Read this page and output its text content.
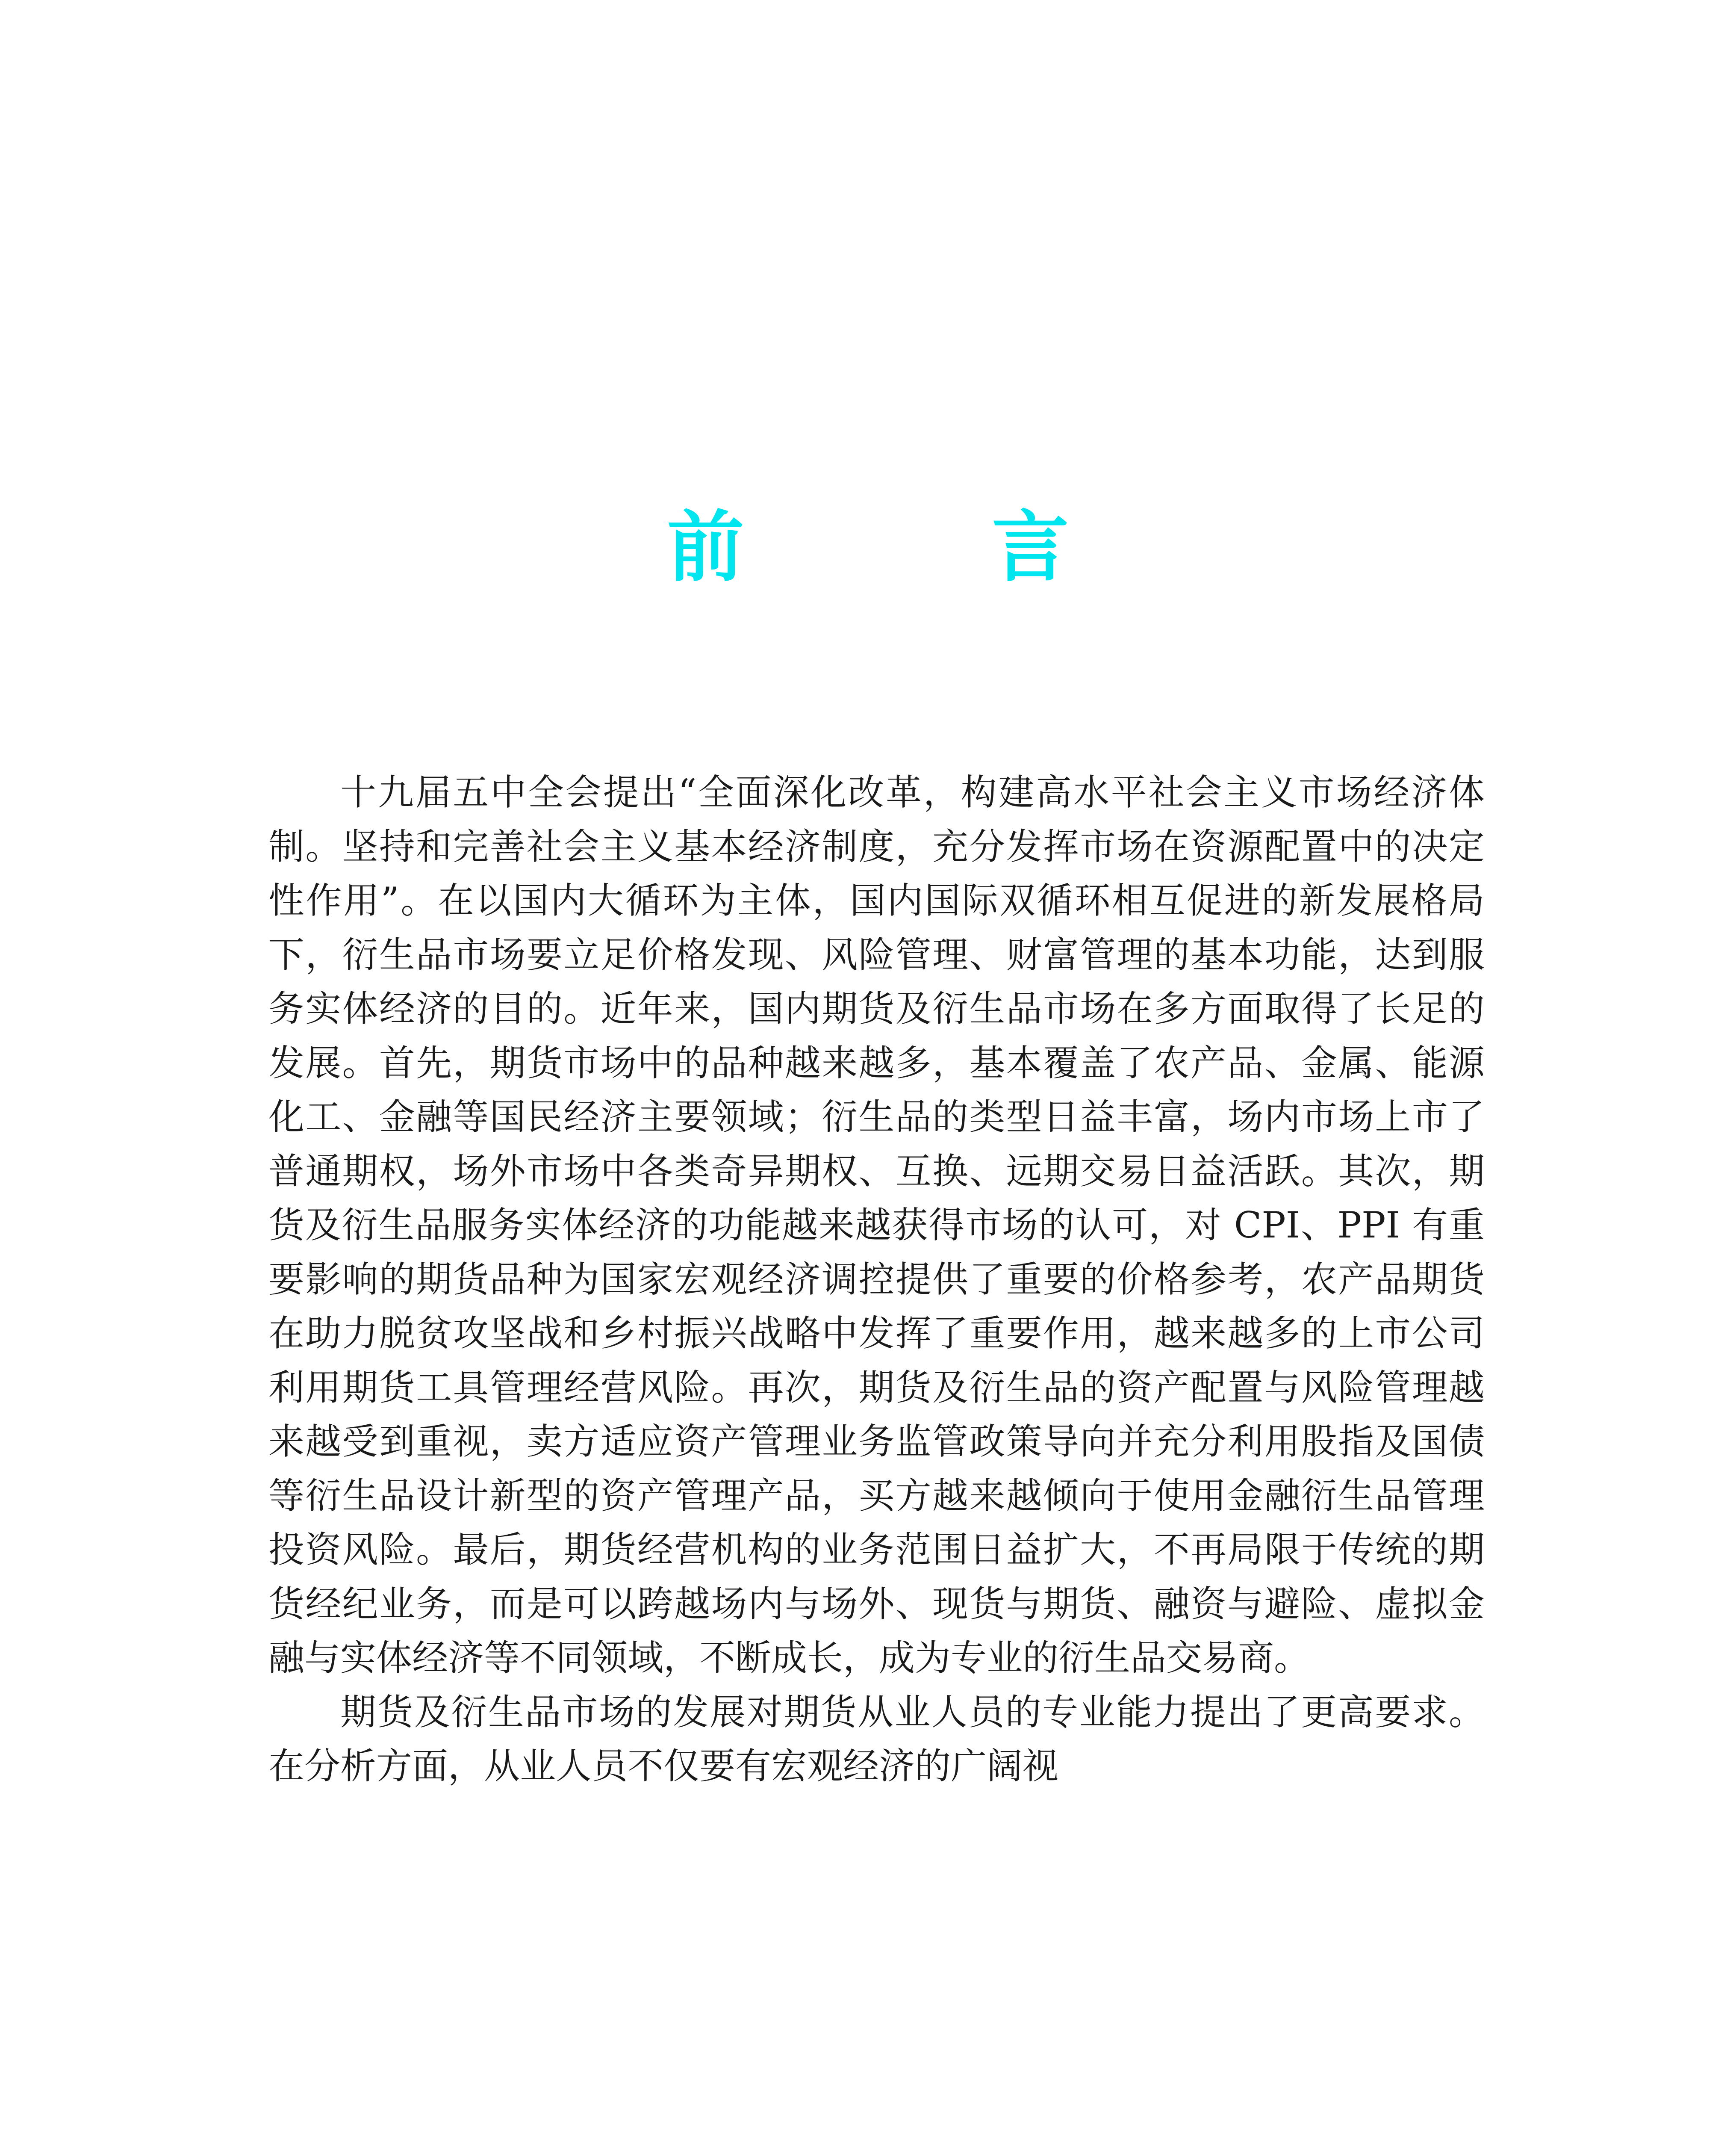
前　言

十九届五中全会提出“全面深化改革，构建高水平社会主义市场经济体制。坚持和完善社会主义基本经济制度，充分发挥市场在资源配置中的决定性作用”。在以国内大循环为主体，国内国际双循环相互促进的新发展格局下，衍生品市场要立足价格发现、风险管理、财富管理的基本功能，达到服务实体经济的目的。近年来，国内期货及衍生品市场在多方面取得了长足的发展。首先，期货市场中的品种越来越多，基本覆盖了农产品、金属、能源化工、金融等国民经济主要领域；衍生品的类型日益丰富，场内市场上市了普通期权，场外市场中各类奇异期权、互换、远期交易日益活跃。其次，期货及衍生品服务实体经济的功能越来越获得市场的认可，对 CPI、PPI 有重要影响的期货品种为国家宏观经济调控提供了重要的价格参考，农产品期货在助力脱贫攻坚战和乡村振兴战略中发挥了重要作用，越来越多的上市公司利用期货工具管理经营风险。再次，期货及衍生品的资产配置与风险管理越来越受到重视，卖方适应资产管理业务监管政策导向并充分利用股指及国债等衍生品设计新型的资产管理产品，买方越来越倾向于使用金融衍生品管理投资风险。最后，期货经营机构的业务范围日益扩大，不再局限于传统的期货经纪业务，而是可以跨越场内与场外、现货与期货、融资与避险、虚拟金融与实体经济等不同领域，不断成长，成为专业的衍生品交易商。

期货及衍生品市场的发展对期货从业人员的专业能力提出了更高要求。在分析方面，从业人员不仅要有宏观经济的广阔视
